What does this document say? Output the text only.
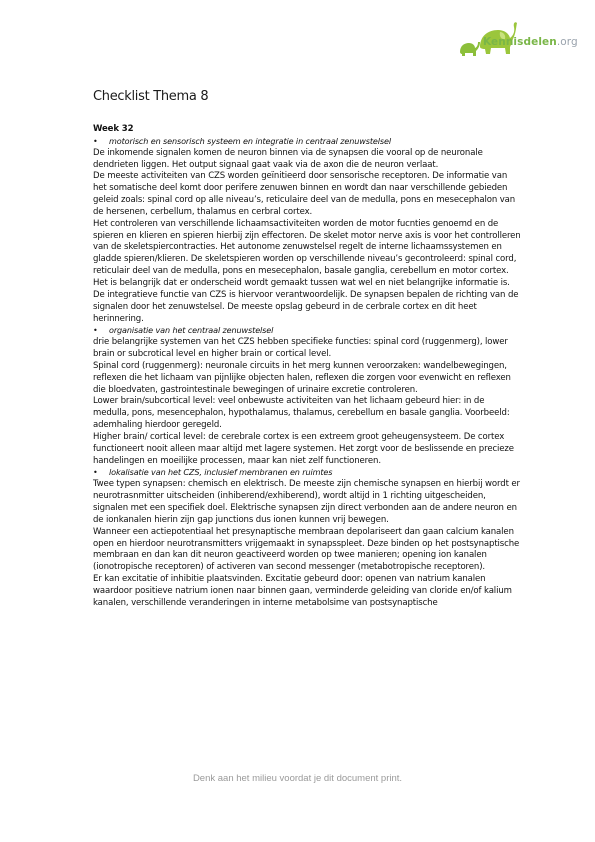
Kennisdelen.org
Checklist Thema 8

Week 32

• motorisch en sensorisch systeem en integratie in centraal zenuwstelsel

De inkomende signalen komen de neuron binnen via de synapsen die vooral op de neuronale dendrieten liggen. Het output signaal gaat vaak via de axon die de neuron verlaat.

De meeste activiteiten van CZS worden geïnitieerd door sensorische receptoren. De informatie van het somatische deel komt door perifere zenuwen binnen en wordt dan naar verschillende gebieden geleid zoals: spinal cord op alle niveau’s, reticulaire deel van de medulla, pons en mesecephalon van de hersenen, cerbellum, thalamus en cerbral cortex.

Het controleren van verschillende lichaamsactiviteiten worden de motor fucnties genoemd en de spieren en klieren en spieren hierbij zijn effectoren. De skelet motor nerve axis is voor het controlleren van de skeletspiercontracties. Het autonome zenuwstelsel regelt de interne lichaamssystemen en gladde spieren/klieren. De skeletspieren worden op verschillende niveau’s gecontroleerd: spinal cord, reticulair deel van de medulla, pons en mesecephalon, basale ganglia, cerebellum en motor cortex.

Het is belangrijk dat er onderscheid wordt gemaakt tussen wat wel en niet belangrijke informatie is. De integratieve functie van CZS is hiervoor verantwoordelijk. De synapsen bepalen de richting van de signalen door het zenuwstelsel. De meeste opslag gebeurd in de cerbrale cortex en dit heet herinnering.

• organisatie van het centraal zenuwstelsel

drie belangrijke systemen van het CZS hebben specifieke functies: spinal cord (ruggenmerg), lower brain or subcrotical level en higher brain or cortical level.

Spinal cord (ruggenmerg): neuronale circuits in het merg kunnen veroorzaken: wandelbewegingen, reflexen die het lichaam van pijnlijke objecten halen, reflexen die zorgen voor evenwicht en reflexen die bloedvaten, gastrointestinale bewegingen of urinaire excretie controleren.

Lower brain/subcortical level: veel onbewuste activiteiten van het lichaam gebeurd hier: in de medulla, pons, mesencephalon, hypothalamus, thalamus, cerebellum en basale ganglia. Voorbeeld: ademhaling hierdoor geregeld.

Higher brain/ cortical level: de cerebrale cortex is een extreem groot geheugensysteem. De cortex functioneert nooit alleen maar altijd met lagere systemen. Het zorgt voor de beslissende en precieze handelingen en moeilijke processen, maar kan niet zelf functioneren.

• lokalisatie van het CZS, inclusief membranen en ruimtes

Twee typen synapsen: chemisch en elektrisch. De meeste zijn chemische synapsen en hierbij wordt er neurotrasnmitter uitscheiden (inhiberend/exhiberend), wordt altijd in 1 richting uitgescheiden, signalen met een specifiek doel. Elektrische synapsen zijn direct verbonden aan de andere neuron en de ionkanalen hierin zijn gap junctions dus ionen kunnen vrij bewegen.

Wanneer een actiepotentiaal het presynaptische membraan depolariseert dan gaan calcium kanalen open en hierdoor neurotransmitters vrijgemaakt in synapsspleet. Deze binden op het postsynaptische membraan en dan kan dit neuron geactiveerd worden op twee manieren; opening ion kanalen (ionotropische receptoren) of activeren van second messenger (metabotropische receptoren).

Er kan excitatie of inhibitie plaatsvinden. Excitatie gebeurd door: openen van natrium kanalen waardoor positieve natrium ionen naar binnen gaan, verminderde geleiding van cloride en/of kalium kanalen, verschillende veranderingen in interne metabolsime van postsynaptische

Denk aan het milieu voordat je dit document print.
